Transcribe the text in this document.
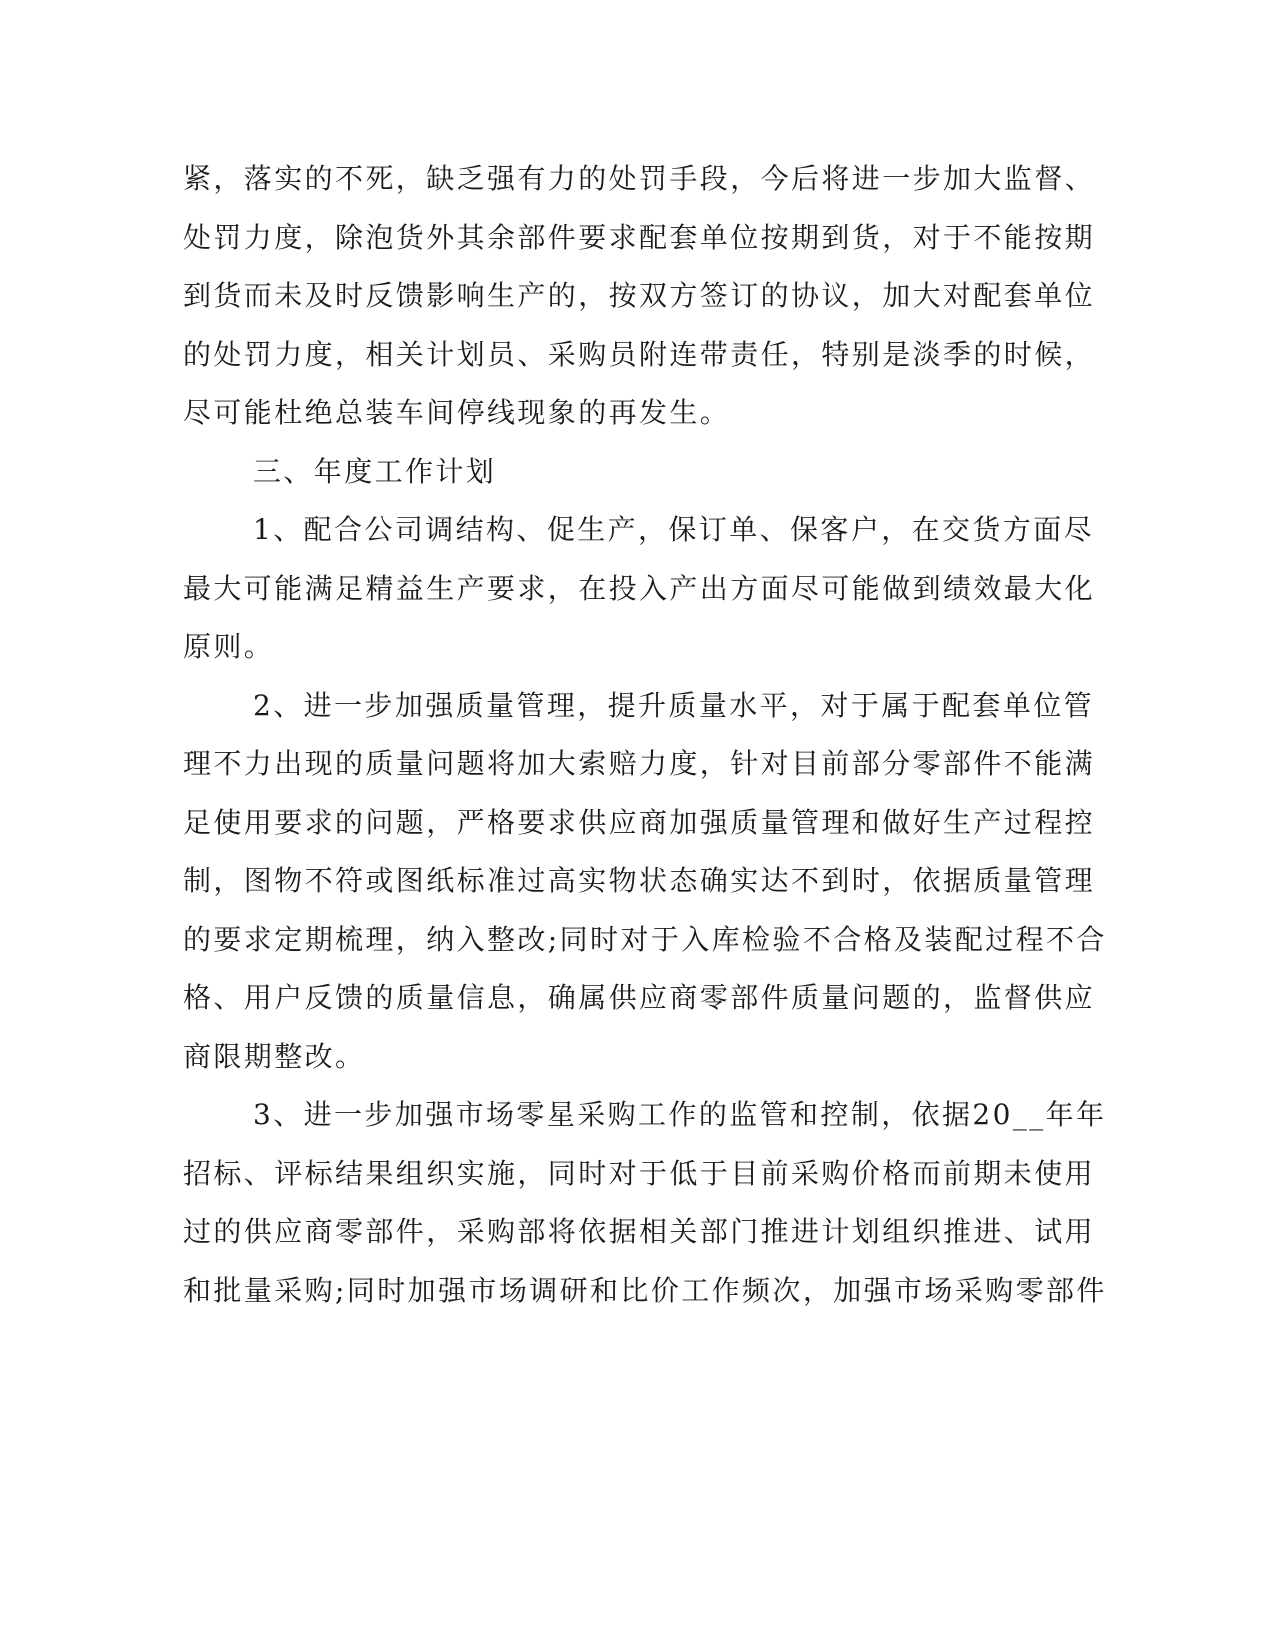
紧，落实的不死，缺乏强有力的处罚手段，今后将进一步加大监督、
处罚力度，除泡货外其余部件要求配套单位按期到货，对于不能按期
到货而未及时反馈影响生产的，按双方签订的协议，加大对配套单位
的处罚力度，相关计划员、采购员附连带责任，特别是淡季的时候，
尽可能杜绝总装车间停线现象的再发生。
三、年度工作计划
1、配合公司调结构、促生产，保订单、保客户，在交货方面尽
最大可能满足精益生产要求，在投入产出方面尽可能做到绩效最大化
原则。
2、进一步加强质量管理，提升质量水平，对于属于配套单位管
理不力出现的质量问题将加大索赔力度，针对目前部分零部件不能满
足使用要求的问题，严格要求供应商加强质量管理和做好生产过程控
制，图物不符或图纸标准过高实物状态确实达不到时，依据质量管理
的要求定期梳理，纳入整改;同时对于入库检验不合格及装配过程不合
格、用户反馈的质量信息，确属供应商零部件质量问题的，监督供应
商限期整改。
3、进一步加强市场零星采购工作的监管和控制，依据20__年年
招标、评标结果组织实施，同时对于低于目前采购价格而前期未使用
过的供应商零部件，采购部将依据相关部门推进计划组织推进、试用
和批量采购;同时加强市场调研和比价工作频次，加强市场采购零部件
